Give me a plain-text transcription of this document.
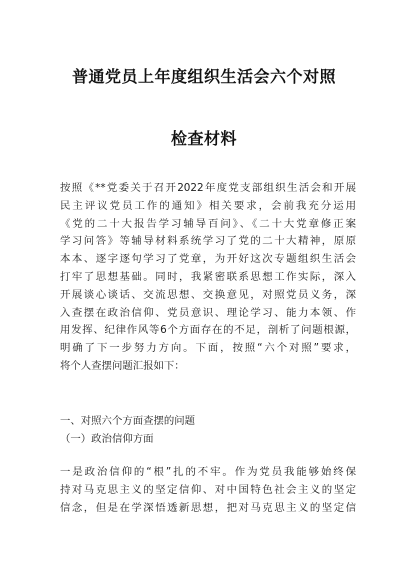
普通党员上年度组织生活会六个对照
检查材料
按照《**党委关于召开2022年度党支部组织生活会和开展
民主评议党员工作的通知》相关要求，会前我充分运用
《党的二十大报告学习辅导百问》、《二十大党章修正案
学习问答》等辅导材料系统学习了党的二十大精神，原原
本本、逐字逐句学习了党章，为开好这次专题组织生活会
打牢了思想基础。同时，我紧密联系思想工作实际，深入
开展谈心谈话、交流思想、交换意见，对照党员义务，深
入查摆在政治信仰、党员意识、理论学习、能力本领、作
用发挥、纪律作风等6个方面存在的不足，剖析了问题根源，
明确了下一步努力方向。下面，按照“六个对照”要求，
将个人查摆问题汇报如下：
一、对照六个方面查摆的问题
（一）政治信仰方面
一是政治信仰的“根”扎的不牢。作为党员我能够始终保
持对马克思主义的坚定信仰、对中国特色社会主义的坚定
信念，但是在学深悟透新思想，把对马克思主义的坚定信
